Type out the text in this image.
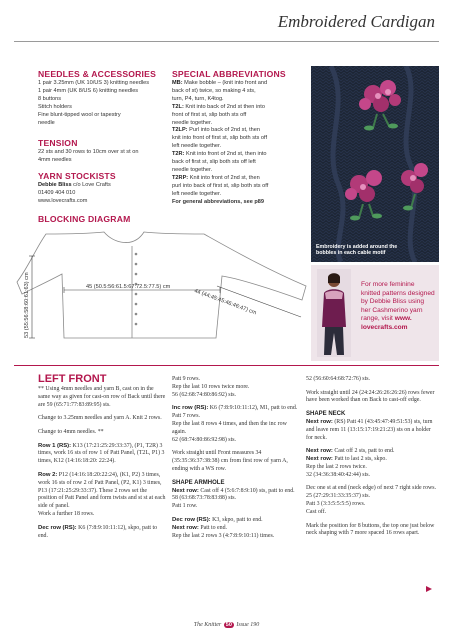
Embroidered Cardigan
NEEDLES & ACCESSORIES
1 pair 3.25mm (UK 10/US 3) knitting needles
1 pair 4mm (UK 8/US 6) knitting needles
8 buttons
Stitch holders
Fine blunt-tipped wool or tapestry
needle
TENSION
22 sts and 30 rows to 10cm over st st on
4mm needles
YARN STOCKISTS
Debbie Bliss c/o Love Crafts
01409 404 010
www.lovecrafts.com
BLOCKING DIAGRAM
SPECIAL ABBREVIATIONS
MB: Make bobble – (knit into front and
back of st) twice, so making 4 sts,
turn, P4, turn, K4tog.
T2L: Knit into back of 2nd st then into
front of first st, slip both sts off
needle together.
T2LP: Purl into back of 2nd st, then
knit into front of first st, slip both sts off
left needle together.
T2R: Knit into front of 2nd st, then into
back of first st, slip both sts off left
needle together.
T2RP: Knit into front of 2nd st, then
purl into back of first st, slip both sts off
left needle together.
For general abbreviations, see p89
Embroidery is added around the bobbles in each cable motif
For more feminine knitted patterns designed by Debbie Bliss using her Cashmerino yarn range, visit www. lovecrafts.com
53 (55:56:58:60:61:63) cm	45 (50.5:56:61.5:67:72.5:77.5) cm
44 (44:45:45:46:46:47) cm
LEFT FRONT

** Using 4mm needles and yarn B, cast on in the same way as given for cast-on row of Back until there are 59 (65:71:77:83:89:95) sts.

Change to 3.25mm needles and yarn A. Knit 2 rows.

Change to 4mm needles. **

Row 1 (RS): K13 (17:21:25:29:33:37), (P1, T2R) 3 times, work 16 sts of row 1 of Patt Panel, (T2L, P1) 3 times, K12 (14:16:18:20: 22:24).

Row 2: P12 (14:16:18:20:22:24), (K1, P2) 3 times, work 16 sts of row 2 of Patt Panel, (P2, K1) 3 times, P13 (17:21:25:29:33:37). These 2 rows set the position of Patt Panel and form twists and st st at each side of panel.

Work a further 18 rows.

Dec row (RS): K6 (7:8:9:10:11:12), skpo, patt to end.

Patt 9 rows.

Rep the last 10 rows twice more.

56 (62:68:74:80:86:92) sts.

Inc row (RS): K6 (7:8:9:10:11:12), M1, patt to end.

Patt 7 rows.

Rep the last 8 rows 4 times, and then the inc row again.

62 (68:74:80:86:92:98) sts.

Work straight until Front measures 34 (35:35:36:37:38:38) cm from first row of yarn A, ending with a WS row.

SHAPE ARMHOLE

Next row: Cast off 4 (5:6:7:8:9:10) sts, patt to end.

58 (63:68:73:78:83:88) sts.

Patt 1 row.

Dec row (RS): K3, skpo, patt to end.

Next row: Patt to end.

Rep the last 2 rows 3 (4:7:8:9:10:11) times.

52 (56:60:64:68:72:76) sts.

Work straight until 24 (24:24:26:26:26:26) rows fewer have been worked than on Back to cast-off edge.

SHAPE NECK

Next row: (RS) Patt 41 (43:45:47:49:51:53) sts, turn and leave rem 11 (13:15:17:19:21:23) sts on a holder for neck.

Next row: Cast off 2 sts, patt to end.

Next row: Patt to last 2 sts, skpo.

Rep the last 2 rows twice.

32 (34:36:38:40:42:44) sts.

Dec one st at end (neck edge) of next 7 right side rows.

25 (27:29:31:33:35:37) sts.

Patt 3 (3:3:5:5:5:5) rows.

Cast off.

Mark the position for 8 buttons, the top one just below neck shaping with 7 more spaced 16 rows apart.

The Knitter 50 Issue 190
